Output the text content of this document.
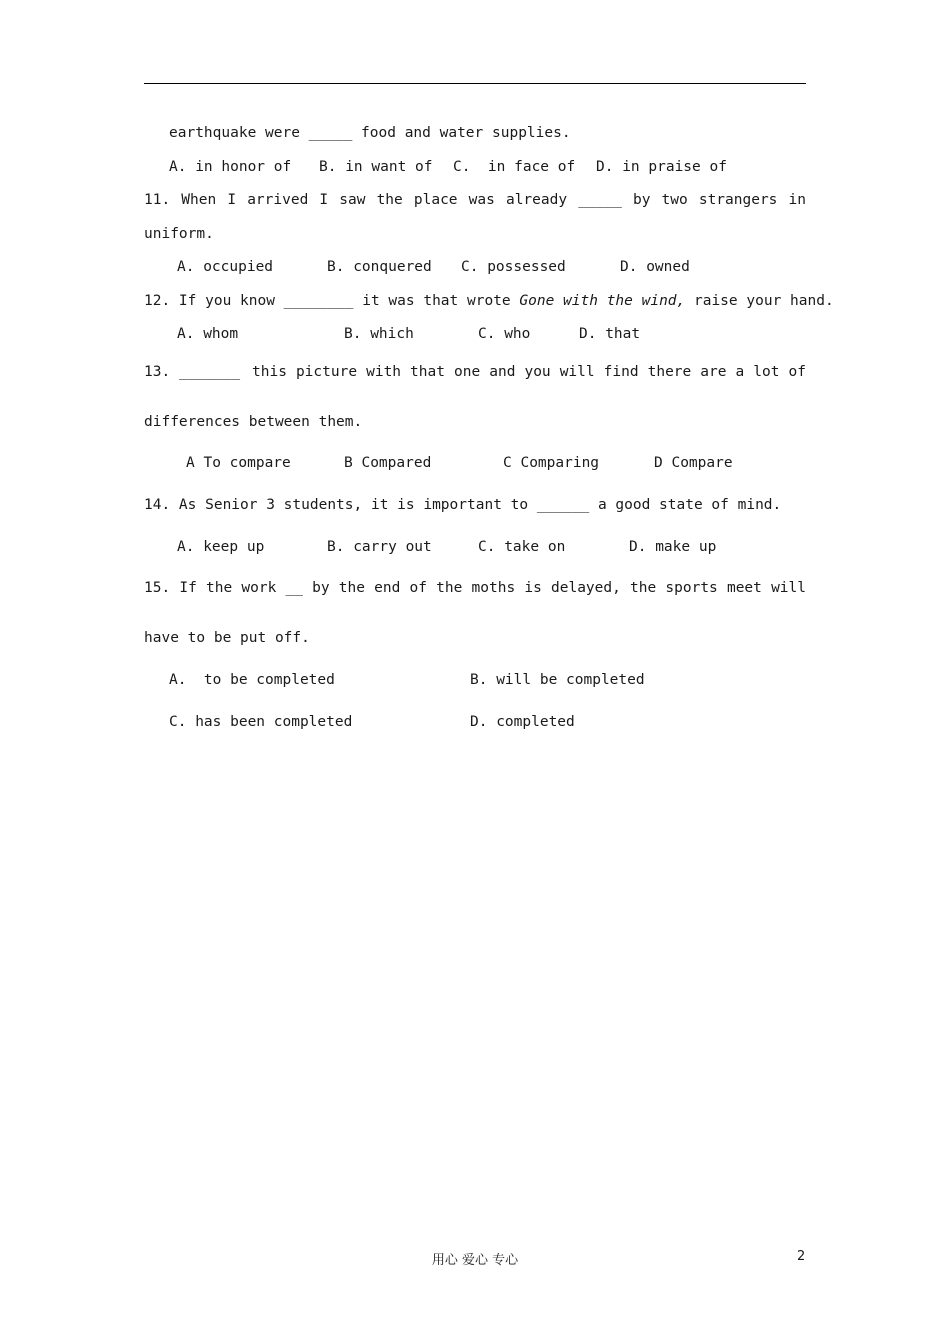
earthquake were _____ food and water supplies.
A. in honor of B. in want of C.  in face of D. in praise of
11. When I arrived I saw the place was already _____ by two strangers in
uniform.
A. occupied	B. conquered C. possessed	D. owned
12. If you know ________ it was that wrote Gone with the wind, raise your hand.
A. whom	B. which	C. who	D. that
13. _______ this picture with that one and you will find there are a lot of
differences between them.
A To compare	B Compared	C Comparing	D Compare
14. As Senior 3 students, it is important to ______ a good state of mind.
A. keep up	B. carry out	C. take on	D. make up
15. If the work __ by the end of the moths is delayed, the sports meet will
have to be put off.
A.  to be completed	B. will be completed
C. has been completed	D. completed
用心 爱心 专心	2
